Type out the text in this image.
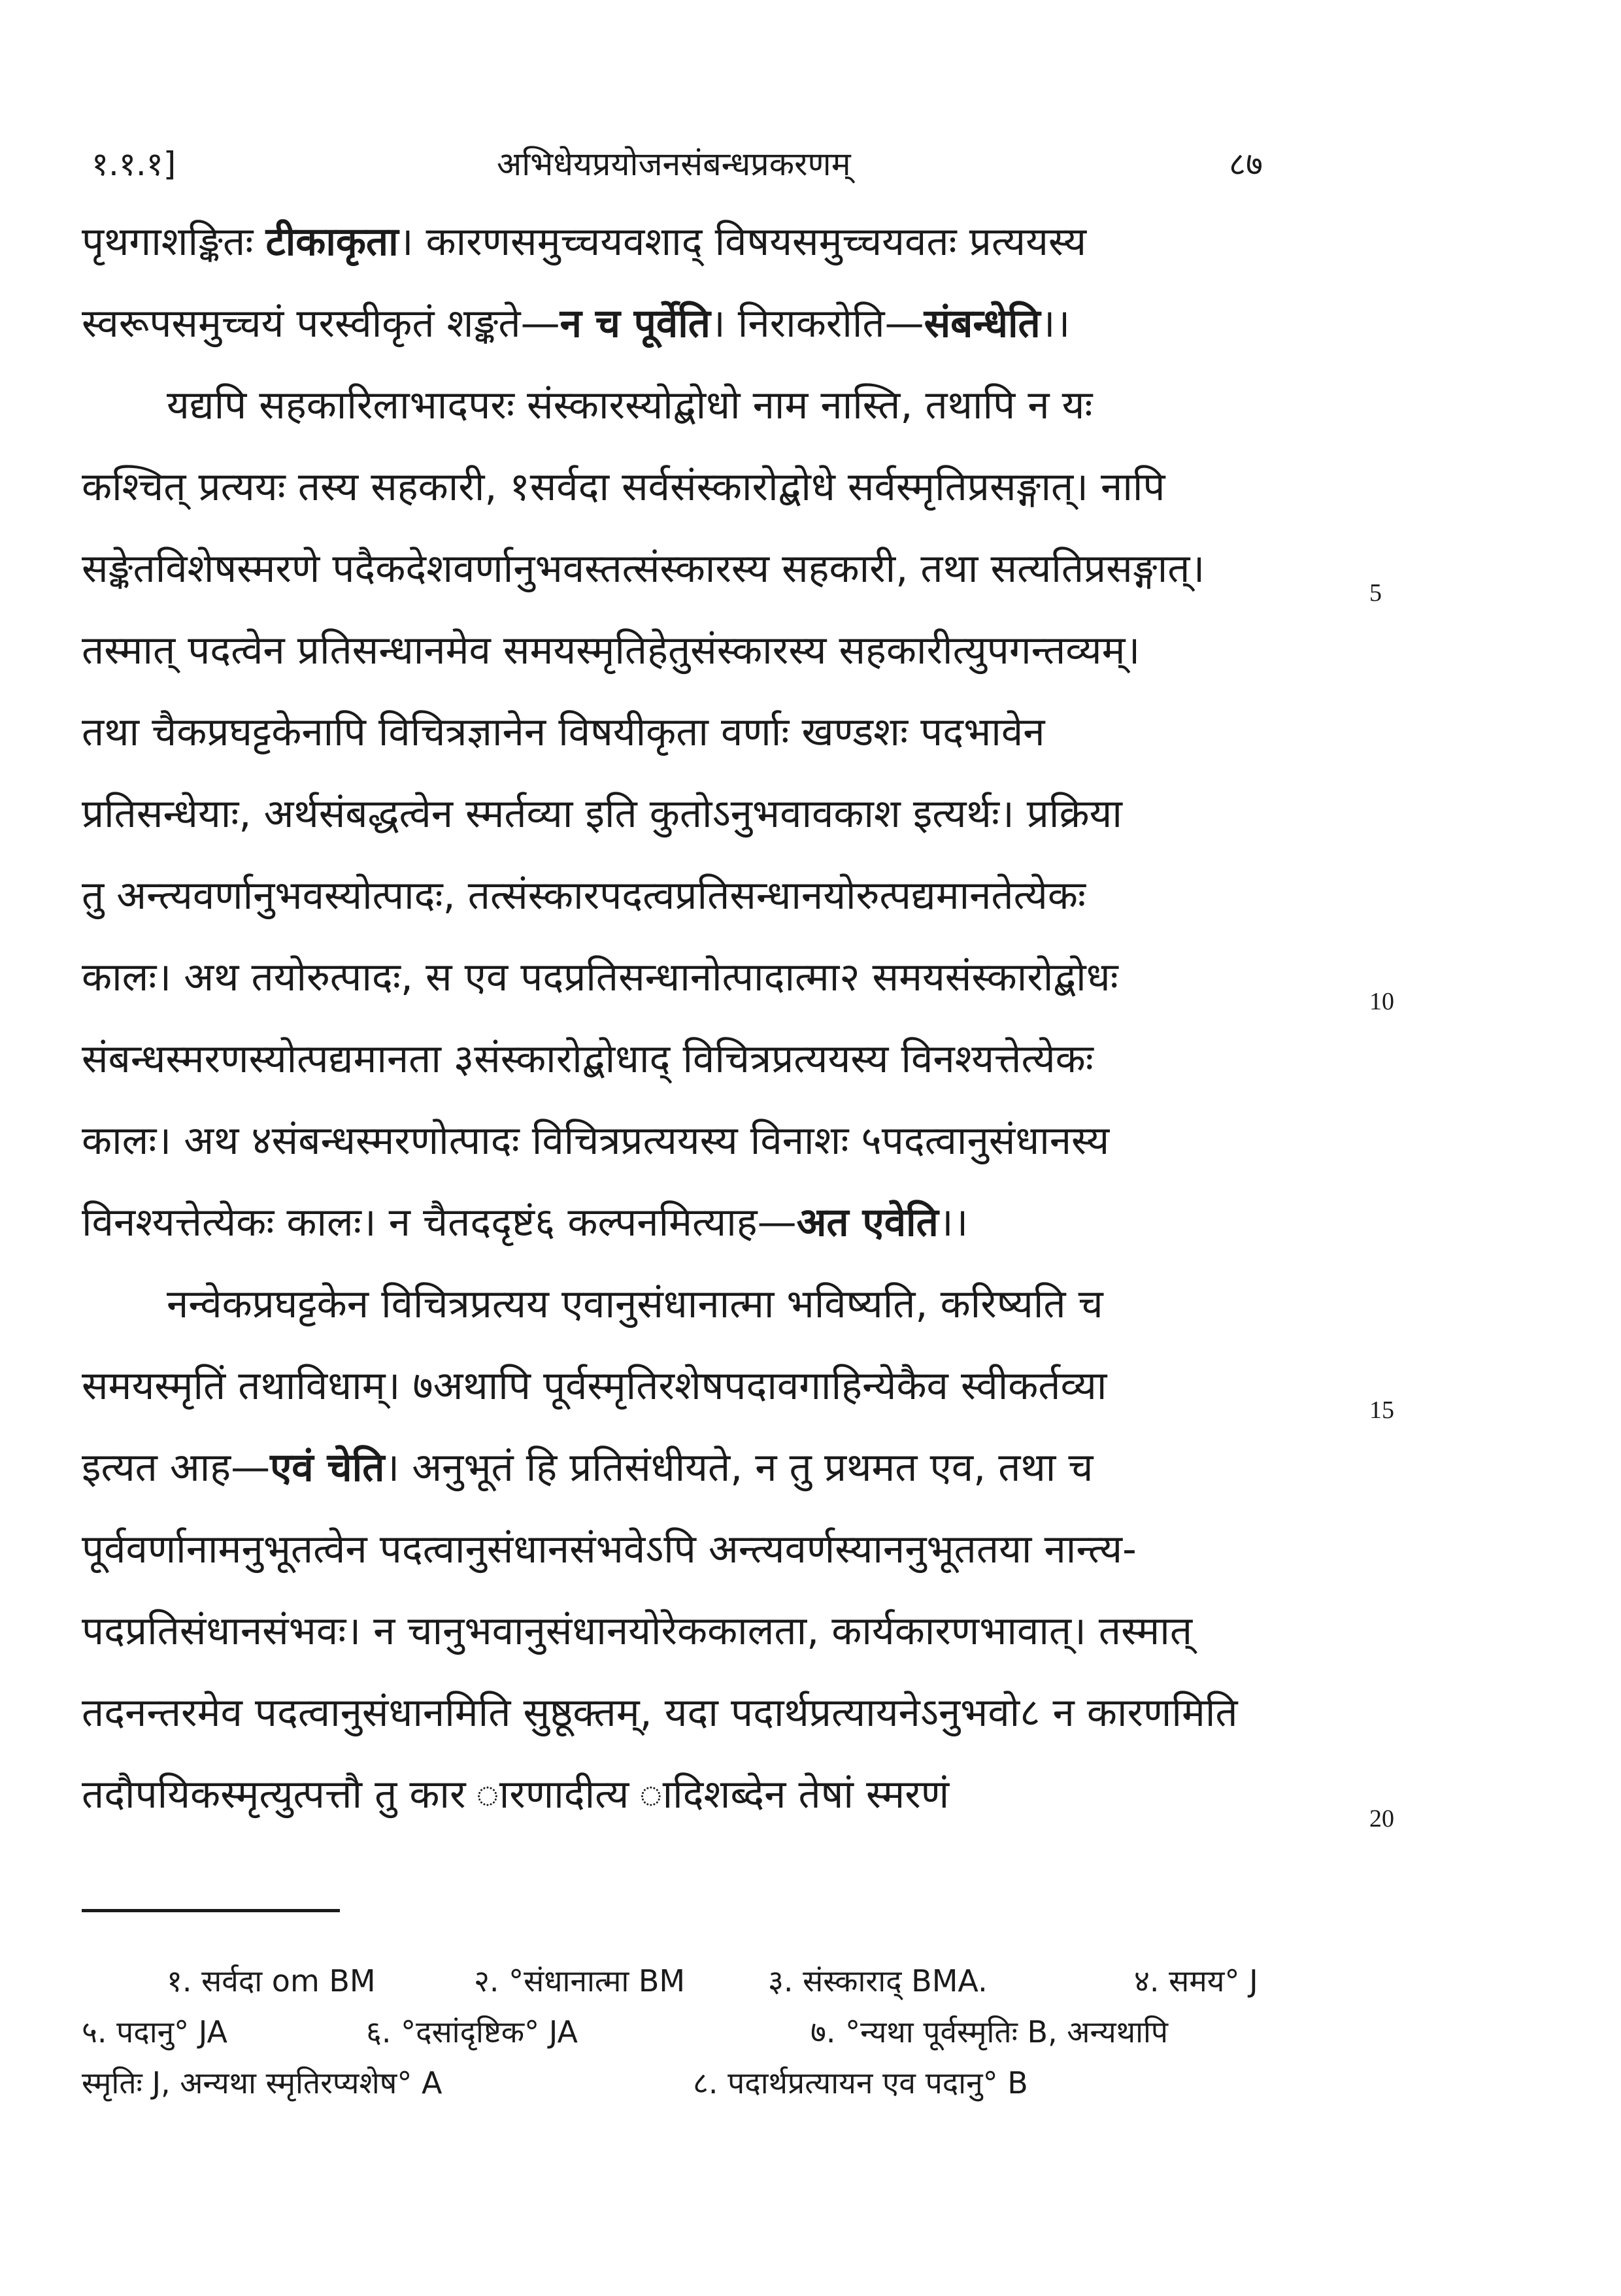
१.१.१]	अभिधेयप्रयोजनसंबन्धप्रकरणम्	८७
पृथगाशङ्कितः टीकाकृता। कारणसमुच्चयवशाद् विषयसमुच्चयवतः प्रत्ययस्य
स्वरूपसमुच्चयं परस्वीकृतं शङ्कते—न च पूर्वेति। निराकरोति—संबन्धेति।।
यद्यपि सहकारिलाभादपरः संस्कारस्योद्बोधो नाम नास्ति, तथापि न यः
कश्चित् प्रत्ययः तस्य सहकारी, १सर्वदा सर्वसंस्कारोद्बोधे सर्वस्मृतिप्रसङ्गात्। नापि
सङ्केतविशेषस्मरणे पदैकदेशवर्णानुभवस्तत्संस्कारस्य सहकारी, तथा सत्यतिप्रसङ्गात्।
तस्मात् पदत्वेन प्रतिसन्धानमेव समयस्मृतिहेतुसंस्कारस्य सहकारीत्युपगन्तव्यम्।
तथा चैकप्रघट्टकेनापि विचित्रज्ञानेन विषयीकृता वर्णाः खण्डशः पदभावेन
प्रतिसन्धेयाः, अर्थसंबद्धत्वेन स्मर्तव्या इति कुतोऽनुभवावकाश इत्यर्थः। प्रक्रिया
तु अन्त्यवर्णानुभवस्योत्पादः, तत्संस्कारपदत्वप्रतिसन्धानयोरुत्पद्यमानतेत्येकः
कालः। अथ तयोरुत्पादः, स एव पदप्रतिसन्धानोत्पादात्मा२ समयसंस्कारोद्बोधः
संबन्धस्मरणस्योत्पद्यमानता ३संस्कारोद्बोधाद् विचित्रप्रत्ययस्य विनश्यत्तेत्येकः
कालः। अथ ४संबन्धस्मरणोत्पादः विचित्रप्रत्ययस्य विनाशः ५पदत्वानुसंधानस्य
विनश्यत्तेत्येकः कालः। न चैतददृष्टं६ कल्पनमित्याह—अत एवेति।।
नन्वेकप्रघट्टकेन विचित्रप्रत्यय एवानुसंधानात्मा भविष्यति, करिष्यति च
समयस्मृतिं तथाविधाम्। ७अथापि पूर्वस्मृतिरशेषपदावगाहिन्येकैव स्वीकर्तव्या
इत्यत आह—एवं चेति। अनुभूतं हि प्रतिसंधीयते, न तु प्रथमत एव, तथा च
पूर्ववर्णानामनुभूतत्वेन पदत्वानुसंधानसंभवेऽपि अन्त्यवर्णस्याननुभूततया नान्त्य-
पदप्रतिसंधानसंभवः। न चानुभवानुसंधानयोरेककालता, कार्यकारणभावात्। तस्मात्
तदनन्तरमेव पदत्वानुसंधानमिति सुष्ठूक्तम्, यदा पदार्थप्रत्यायनेऽनुभवो८ न कारणमिति
तदौपयिकस्मृत्युत्पत्तौ तु कार ारणादीत्य ादिशब्देन तेषां स्मरणं
5
10
15
20
१. सर्वदा om BM	२. °संधानात्मा BM	३. संस्काराद् BMA.	४. समय° J
५. पदानु° JA	६. °दसांदृष्टिक° JA	७. °न्यथा पूर्वस्मृतिः B, अन्यथापि
स्मृतिः J, अन्यथा स्मृतिरप्यशेष° A	८. पदार्थप्रत्यायन एव पदानु° B
